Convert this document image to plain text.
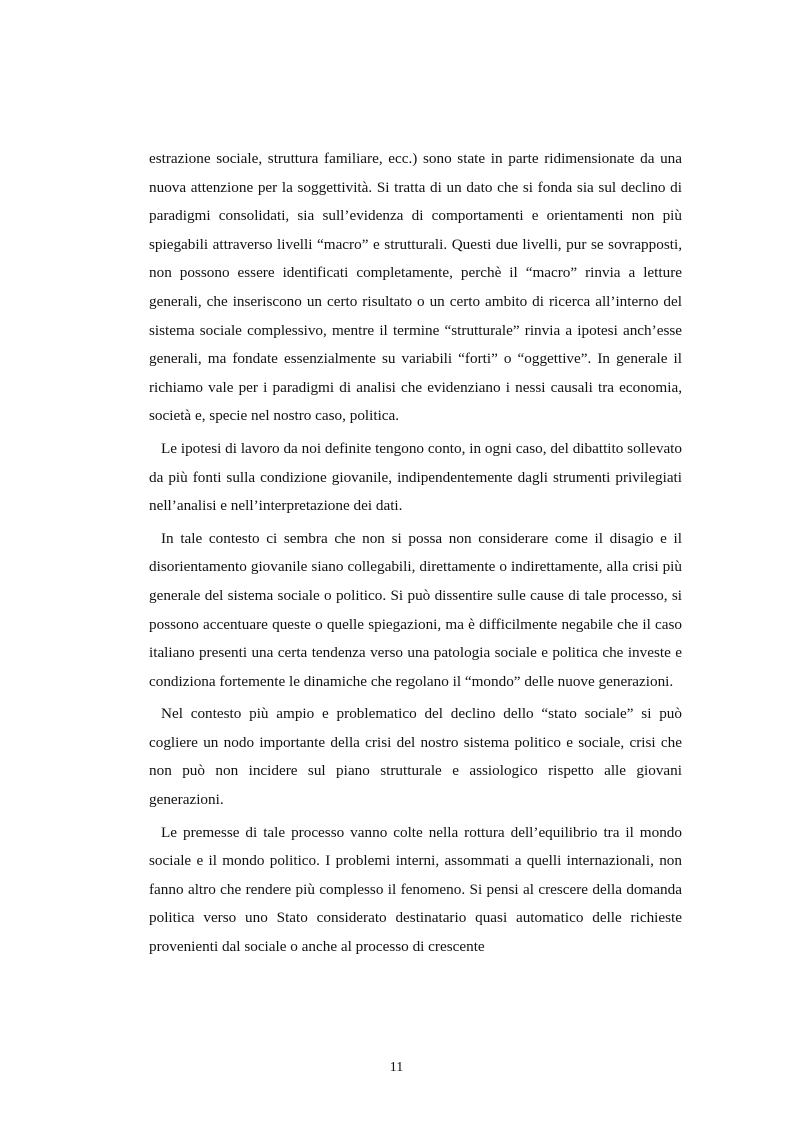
estrazione sociale, struttura familiare, ecc.) sono state in parte ridimensionate da una nuova attenzione per la soggettività. Si tratta di un dato che si fonda sia sul declino di paradigmi consolidati, sia sull’evidenza di comportamenti e orientamenti non più spiegabili attraverso livelli “macro” e strutturali. Questi due livelli, pur se sovrapposti, non possono essere identificati completamente, perchè il “macro” rinvia a letture generali, che inseriscono un certo risultato o un certo ambito di ricerca all’interno del sistema sociale complessivo, mentre il termine “strutturale” rinvia a ipotesi anch’esse generali, ma fondate essenzialmente su variabili “forti” o “oggettive”. In generale il richiamo vale per i paradigmi di analisi che evidenziano i nessi causali tra economia, società e, specie nel nostro caso, politica.

Le ipotesi di lavoro da noi definite tengono conto, in ogni caso, del dibattito sollevato da più fonti sulla condizione giovanile, indipendentemente dagli strumenti privilegiati nell’analisi e nell’interpretazione dei dati.

In tale contesto ci sembra che non si possa non considerare come il disagio e il disorientamento giovanile siano collegabili, direttamente o indirettamente, alla crisi più generale del sistema sociale o politico. Si può dissentire sulle cause di tale processo, si possono accentuare queste o quelle spiegazioni, ma è difficilmente negabile che il caso italiano presenti una certa tendenza verso una patologia sociale e politica che investe e condiziona fortemente le dinamiche che regolano il “mondo” delle nuove generazioni.

Nel contesto più ampio e problematico del declino dello “stato sociale” si può cogliere un nodo importante della crisi del nostro sistema politico e sociale, crisi che non può non incidere sul piano strutturale e assiologico rispetto alle giovani generazioni.

Le premesse di tale processo vanno colte nella rottura dell’equilibrio tra il mondo sociale e il mondo politico. I problemi interni, assommati a quelli internazionali, non fanno altro che rendere più complesso il fenomeno. Si pensi al crescere della domanda politica verso uno Stato considerato destinatario quasi automatico delle richieste provenienti dal sociale o anche al processo di crescente

11
